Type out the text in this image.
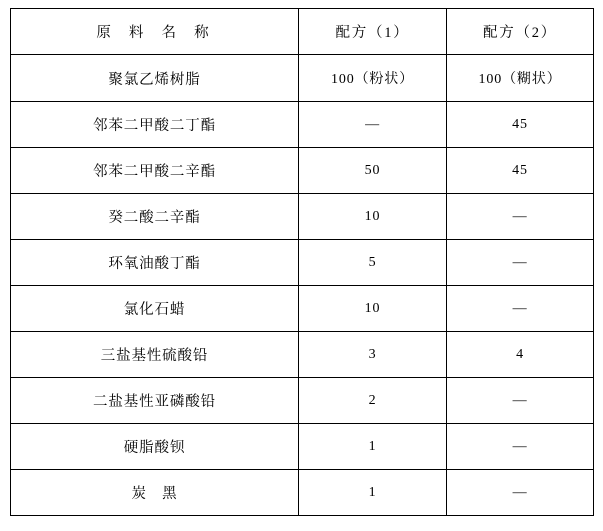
原 料 名 称	配方（1）	配方（2）
聚氯乙烯树脂	100（粉状）	100（糊状）
邻苯二甲酸二丁酯	—	45
邻苯二甲酸二辛酯	50	45
癸二酸二辛酯	10	—
环氧油酸丁酯	5	—
氯化石蜡	10	—
三盐基性硫酸铅	3	4
二盐基性亚磷酸铅	2	—
硬脂酸钡	1	—
炭　黑	1	—
